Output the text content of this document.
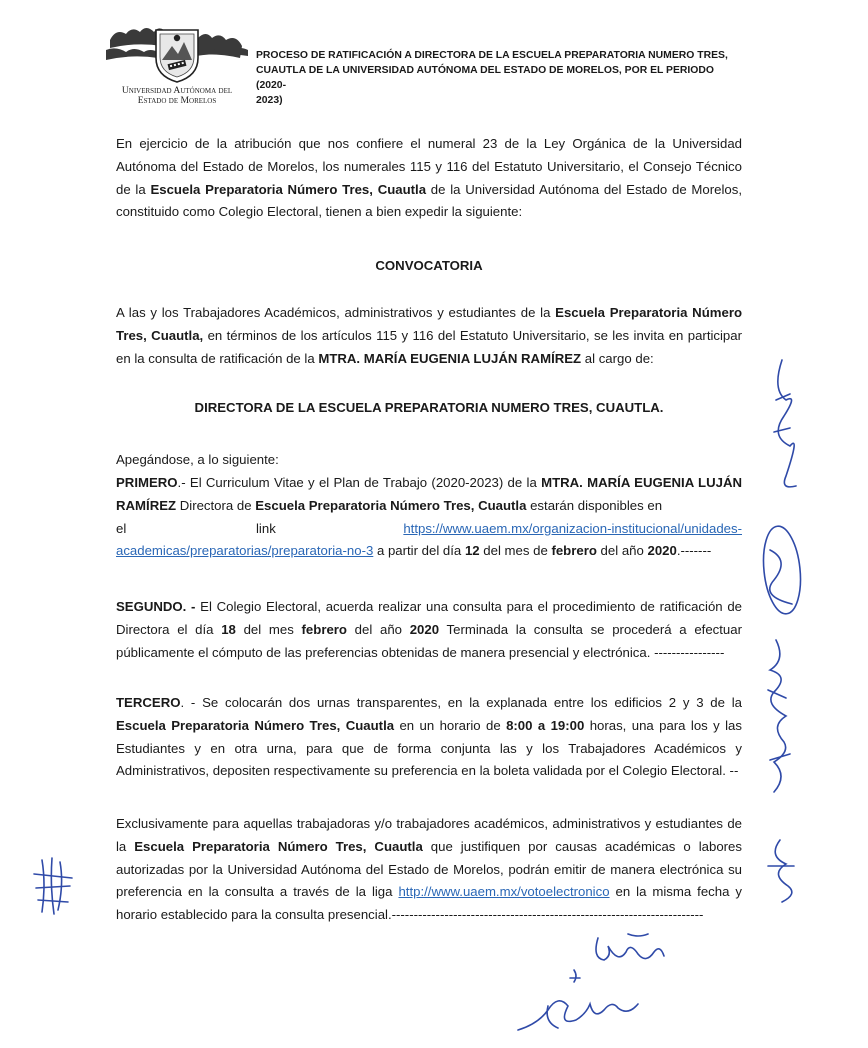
Universidad Autónoma del
Estado de Morelos
PROCESO DE RATIFICACIÓN A DIRECTORA DE LA ESCUELA PREPARATORIA NUMERO TRES,
CUAUTLA DE LA UNIVERSIDAD AUTÓNOMA DEL ESTADO DE MORELOS, POR EL PERIODO (2020-
2023)
En ejercicio de la atribución que nos confiere el numeral 23 de la Ley Orgánica de la Universidad Autónoma del Estado de Morelos, los numerales 115 y 116 del Estatuto Universitario, el Consejo Técnico de la Escuela Preparatoria Número Tres, Cuautla de la Universidad Autónoma del Estado de Morelos, constituido como Colegio Electoral, tienen a bien expedir la siguiente:
CONVOCATORIA
A las y los Trabajadores Académicos, administrativos y estudiantes de la Escuela Preparatoria Número Tres, Cuautla, en términos de los artículos 115 y 116 del Estatuto Universitario, se les invita en participar en la consulta de ratificación de la MTRA. MARÍA EUGENIA LUJÁN RAMÍREZ al cargo de:
DIRECTORA DE LA ESCUELA PREPARATORIA NUMERO TRES, CUAUTLA.
Apegándose, a lo siguiente:
PRIMERO.- El Curriculum Vitae y el Plan de Trabajo (2020-2023) de la MTRA. MARÍA EUGENIA LUJÁN RAMÍREZ Directora de Escuela Preparatoria Número Tres, Cuautla estarán disponibles en
el	link	https://www.uaem.mx/organizacion-institucional/unidades-
academicas/preparatorias/preparatoria-no-3 a partir del día 12 del mes de febrero del año 2020.-------
SEGUNDO. - El Colegio Electoral, acuerda realizar una consulta para el procedimiento de ratificación de Directora el día 18 del mes febrero del año 2020 Terminada la consulta se procederá a efectuar públicamente el cómputo de las preferencias obtenidas de manera presencial y electrónica. ----------------
TERCERO. - Se colocarán dos urnas transparentes, en la explanada entre los edificios 2 y 3 de la Escuela Preparatoria Número Tres, Cuautla en un horario de 8:00 a 19:00 horas, una para los y las Estudiantes y en otra urna, para que de forma conjunta las y los Trabajadores Académicos y Administrativos, depositen respectivamente su preferencia en la boleta validada por el Colegio Electoral. --
Exclusivamente para aquellas trabajadoras y/o trabajadores académicos, administrativos y estudiantes de la Escuela Preparatoria Número Tres, Cuautla que justifiquen por causas académicas o labores autorizadas por la Universidad Autónoma del Estado de Morelos, podrán emitir de manera electrónica su preferencia en la consulta a través de la liga http://www.uaem.mx/votoelectronico en la misma fecha y horario establecido para la consulta presencial.-----------------------------------------------------------------------
